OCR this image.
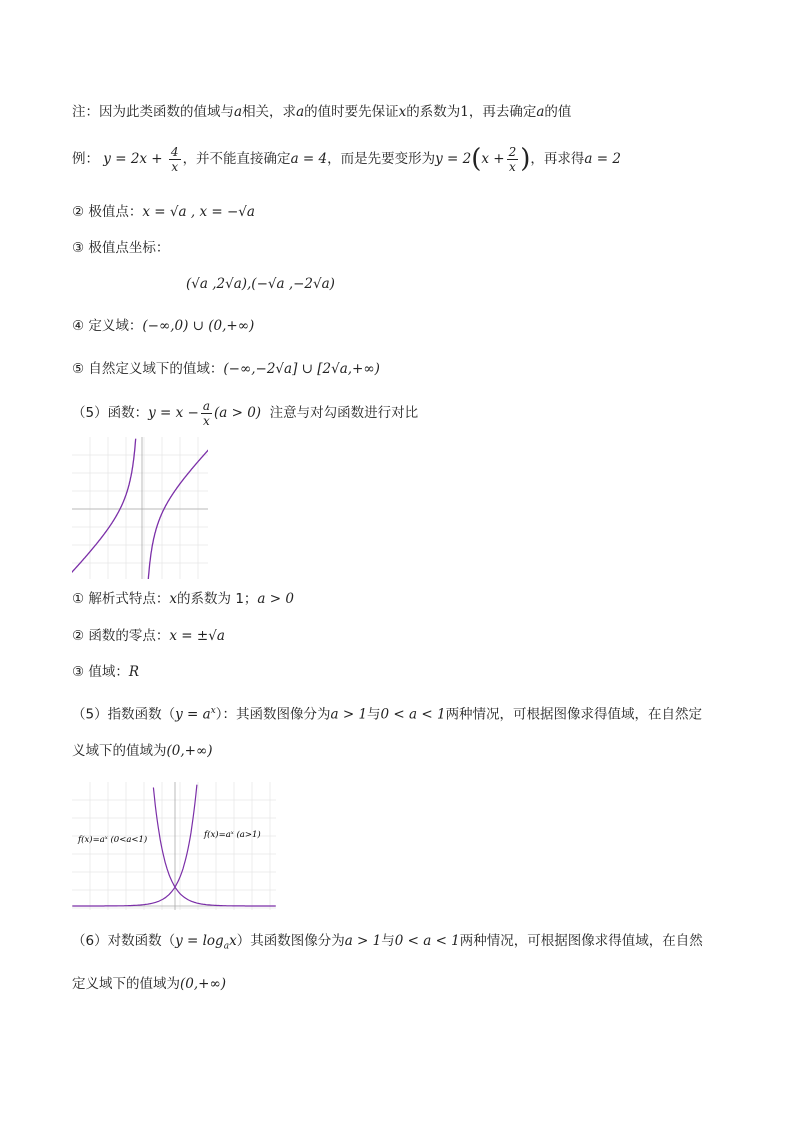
注：因为此类函数的值域与a相关，求a的值时要先保证x的系数为1，再去确定a的值
例： $y = 2x + \frac{4}{x}$ ，并不能直接确定a = 4，而是先要变形为$y = 2(x + \frac{2}{x}$ )，再求得a = 2
② 极值点：x = √a , x = −√a
③ 极值点坐标：
(√a ,2√a),(−√a ,−2√a)
④ 定义域：(−∞,0) ∪ (0,+∞)
⑤ 自然定义域下的值域：(−∞,−2√a] ∪ [2√a,+∞)
（5）函数：$y = x - \frac{a}{x} (a > 0)$ 注意与对勾函数进行对比
① 解析式特点：x的系数为 1；a > 0
② 函数的零点：x = ±√a
③ 值域：R
（5）指数函数$(y = a^x)$：其函数图像分为a > 1与0 < a < 1两种情况，可根据图像求得值域，在自然定
义域下的值域为(0,+∞)
f(x)=aˣ (0<a<1)	f(x)=aˣ (a>1)
（6）对数函数$(y = \log_ax)$其函数图像分为a > 1与0 < a < 1两种情况，可根据图像求得值域，在自然
定义域下的值域为(0,+∞)
